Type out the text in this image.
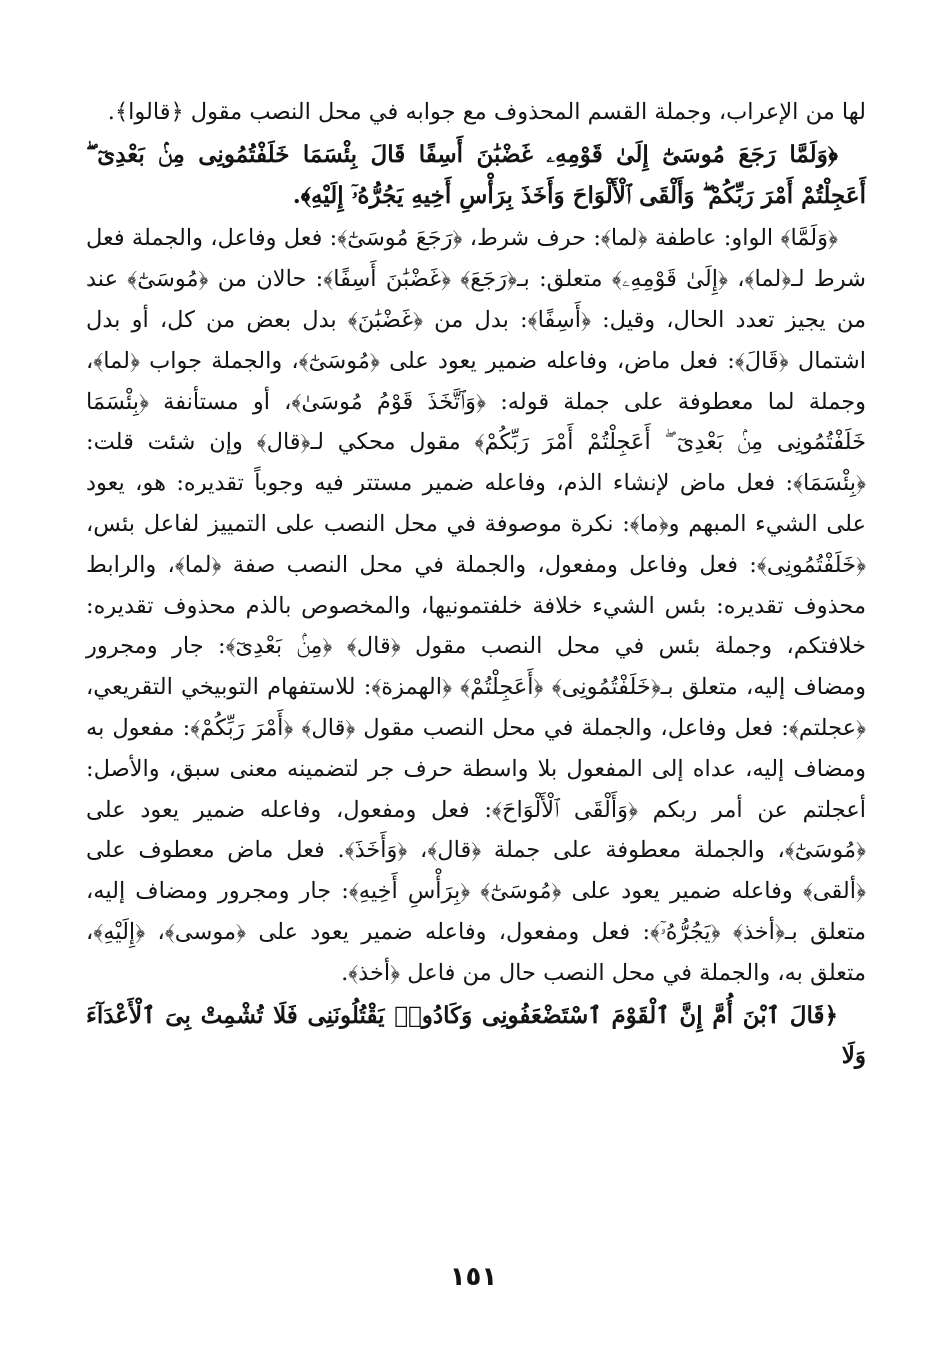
لها من الإعراب، وجملة القسم المحذوف مع جوابه في محل النصب مقول ﴿قالوا﴾.

﴿وَلَمَّا رَجَعَ مُوسَىٰٓ إِلَىٰ قَوْمِهِۦ غَضْبَٰنَ أَسِفًا قَالَ بِئْسَمَا خَلَفْتُمُونِى مِنۢ بَعْدِىٓ ۖ أَعَجِلْتُمْ أَمْرَ رَبِّكُمْ ۖ وَأَلْقَى ٱلْأَلْوَاحَ وَأَخَذَ بِرَأْسِ أَخِيهِ يَجُرُّهُۥٓ إِلَيْهِ﴾.

﴿وَلَمَّا﴾ الواو: عاطفة ﴿لما﴾: حرف شرط، ﴿رَجَعَ مُوسَىٰٓ﴾: فعل وفاعل، والجملة فعل شرط لـ﴿لما﴾، ﴿إِلَىٰ قَوْمِهِۦ﴾ متعلق: بـ﴿رَجَعَ﴾ ﴿غَضْبَٰنَ أَسِفًا﴾: حالان من ﴿مُوسَىٰٓ﴾ عند من يجيز تعدد الحال، وقيل: ﴿أَسِفًا﴾: بدل من ﴿غَضْبَٰنَ﴾ بدل بعض من كل، أو بدل اشتمال ﴿قَالَ﴾: فعل ماض، وفاعله ضمير يعود على ﴿مُوسَىٰٓ﴾، والجملة جواب ﴿لما﴾، وجملة لما معطوفة على جملة قوله: ﴿وَٱتَّخَذَ قَوْمُ مُوسَىٰ﴾، أو مستأنفة ﴿بِئْسَمَا خَلَفْتُمُونِى مِنۢ بَعْدِىٓ ۖ أَعَجِلْتُمْ أَمْرَ رَبِّكُمْ﴾ مقول محكي لـ﴿قال﴾ وإن شئت قلت: ﴿بِئْسَمَا﴾: فعل ماض لإنشاء الذم، وفاعله ضمير مستتر فيه وجوباً تقديره: هو، يعود على الشيء المبهم و﴿ما﴾: نكرة موصوفة في محل النصب على التمييز لفاعل بئس، ﴿خَلَفْتُمُونِى﴾: فعل وفاعل ومفعول، والجملة في محل النصب صفة ﴿لما﴾، والرابط محذوف تقديره: بئس الشيء خلافة خلفتمونيها، والمخصوص بالذم محذوف تقديره: خلافتكم، وجملة بئس في محل النصب مقول ﴿قال﴾ ﴿مِنۢ بَعْدِىٓ﴾: جار ومجرور ومضاف إليه، متعلق بـ﴿خَلَفْتُمُونِى﴾ ﴿أَعَجِلْتُمْ﴾ ﴿الهمزة﴾: للاستفهام التوبيخي التقريعي، ﴿عجلتم﴾: فعل وفاعل، والجملة في محل النصب مقول ﴿قال﴾ ﴿أَمْرَ رَبِّكُمْ﴾: مفعول به ومضاف إليه، عداه إلى المفعول بلا واسطة حرف جر لتضمينه معنى سبق، والأصل: أعجلتم عن أمر ربكم ﴿وَأَلْقَى ٱلْأَلْوَاحَ﴾: فعل ومفعول، وفاعله ضمير يعود على ﴿مُوسَىٰٓ﴾، والجملة معطوفة على جملة ﴿قال﴾، ﴿وَأَخَذَ﴾. فعل ماض معطوف على ﴿ألقى﴾ وفاعله ضمير يعود على ﴿مُوسَىٰٓ﴾ ﴿بِرَأْسِ أَخِيهِ﴾: جار ومجرور ومضاف إليه، متعلق بـ﴿أخذ﴾ ﴿يَجُرُّهُۥٓ﴾: فعل ومفعول، وفاعله ضمير يعود على ﴿موسى﴾، ﴿إِلَيْهِ﴾، متعلق به، والجملة في محل النصب حال من فاعل ﴿أخذ﴾.

﴿قَالَ ٱبْنَ أُمَّ إِنَّ ٱلْقَوْمَ ٱسْتَضْعَفُونِى وَكَادُوا۟ يَقْتُلُونَنِى فَلَا تُشْمِتْ بِىَ ٱلْأَعْدَآءَ وَلَا

١٥١
